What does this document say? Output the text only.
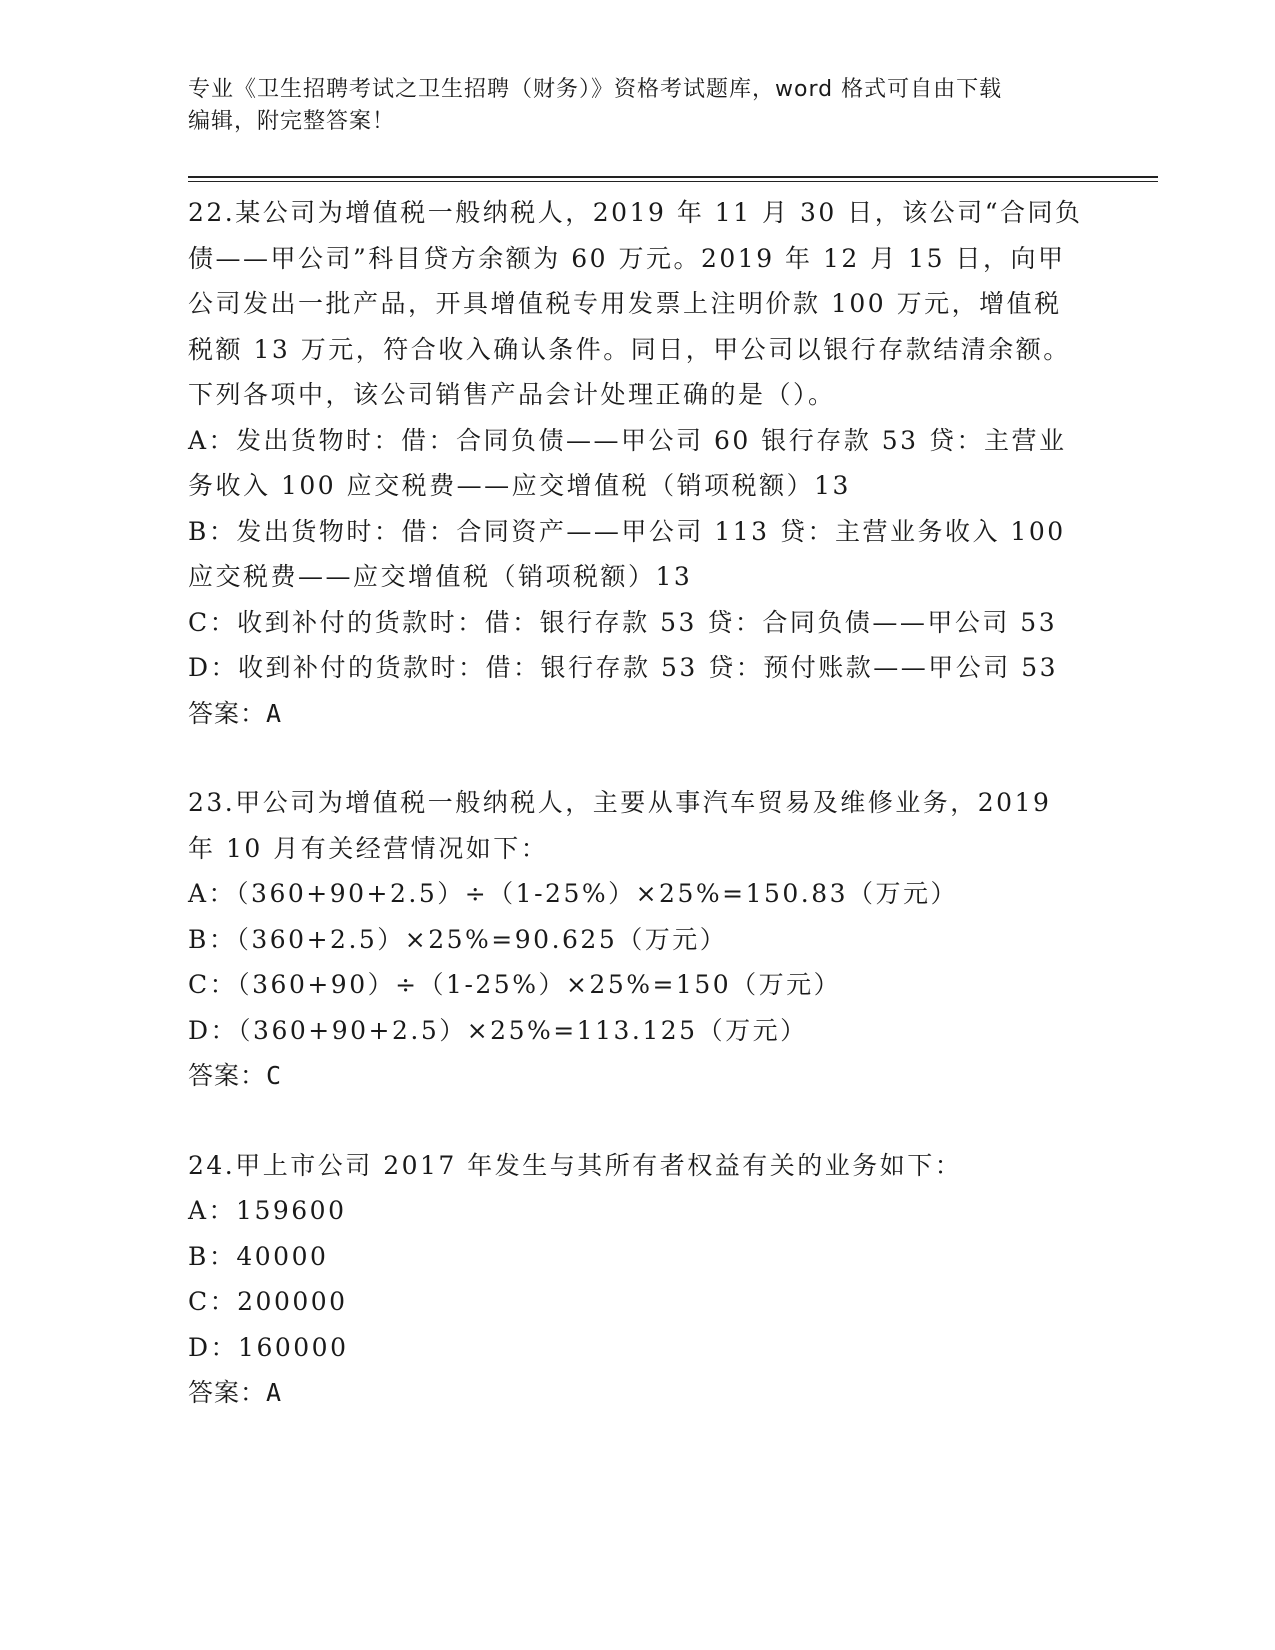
专业《卫生招聘考试之卫生招聘（财务）》资格考试题库，word 格式可自由下载
编辑，附完整答案！

22.某公司为增值税一般纳税人，2019 年 11 月 30 日，该公司“合同负债——甲公司”科目贷方余额为 60 万元。2019 年 12 月 15 日，向甲公司发出一批产品，开具增值税专用发票上注明价款 100 万元，增值税税额 13 万元，符合收入确认条件。同日，甲公司以银行存款结清余额。下列各项中，该公司销售产品会计处理正确的是（）。

A：发出货物时：借：合同负债——甲公司 60 银行存款 53 贷：主营业务收入 100 应交税费——应交增值税（销项税额）13

B：发出货物时：借：合同资产——甲公司 113 贷：主营业务收入 100 应交税费——应交增值税（销项税额）13

C：收到补付的货款时：借：银行存款 53 贷：合同负债——甲公司 53

D：收到补付的货款时：借：银行存款 53 贷：预付账款——甲公司 53

答案：A

23.甲公司为增值税一般纳税人，主要从事汽车贸易及维修业务，2019 年 10 月有关经营情况如下：

A：（360+90+2.5）÷（1-25%）×25%=150.83（万元）

B：（360+2.5）×25%=90.625（万元）

C：（360+90）÷（1-25%）×25%=150（万元）

D：（360+90+2.5）×25%=113.125（万元）

答案：C

24.甲上市公司 2017 年发生与其所有者权益有关的业务如下：

A：159600

B：40000

C：200000

D：160000

答案：A
